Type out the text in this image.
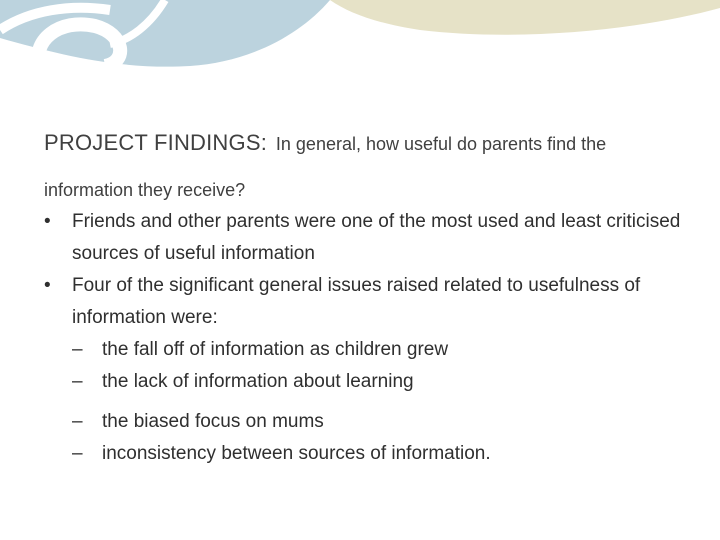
PROJECT FINDINGS: In general, how useful do parents find the information they receive?
• Friends and other parents were one of the most used and least criticised sources of useful information
• Four of the significant general issues raised related to usefulness of information were:
– the fall off of information as children grew
– the lack of information about learning
– the biased focus on mums
– inconsistency between sources of information.
